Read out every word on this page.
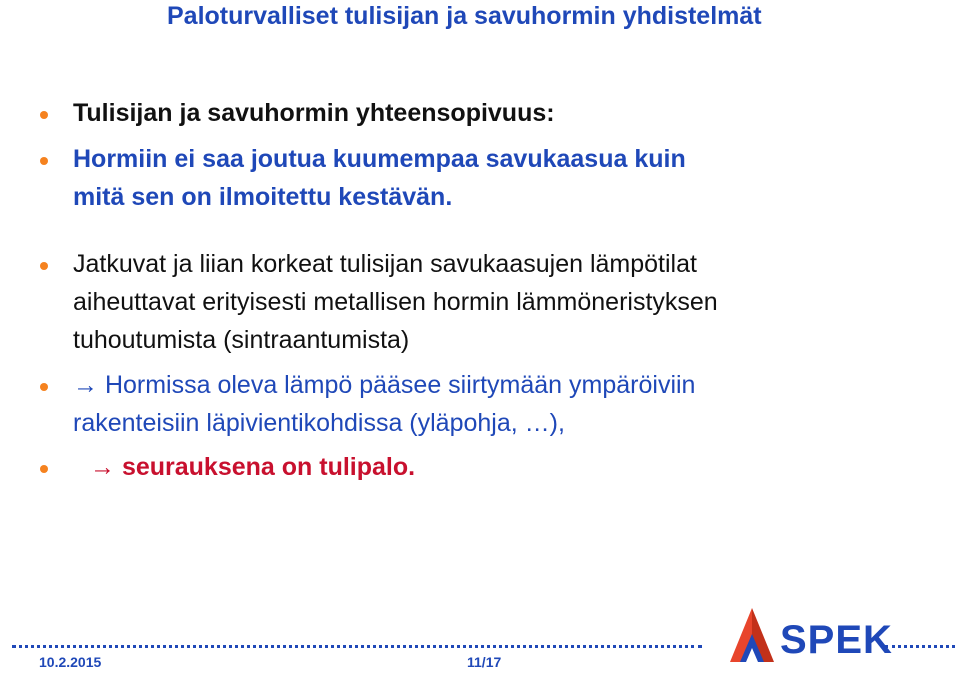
Paloturvalliset tulisijan ja savuhormin yhdistelmät
Tulisijan ja savuhormin yhteensopivuus:
Hormiin ei saa joutua kuumempaa savukaasua kuin
mitä sen on ilmoitettu kestävän.
Jatkuvat ja liian korkeat tulisijan savukaasujen lämpötilat
aiheuttavat erityisesti metallisen hormin lämmöneristyksen
tuhoutumista (sintraantumista)
→ Hormissa oleva lämpö pääsee siirtymään ympäröiviin
rakenteisiin läpivientikohdissa (yläpohja, …),
→ seurauksena on tulipalo.
10.2.2015	11/17	SPEK
